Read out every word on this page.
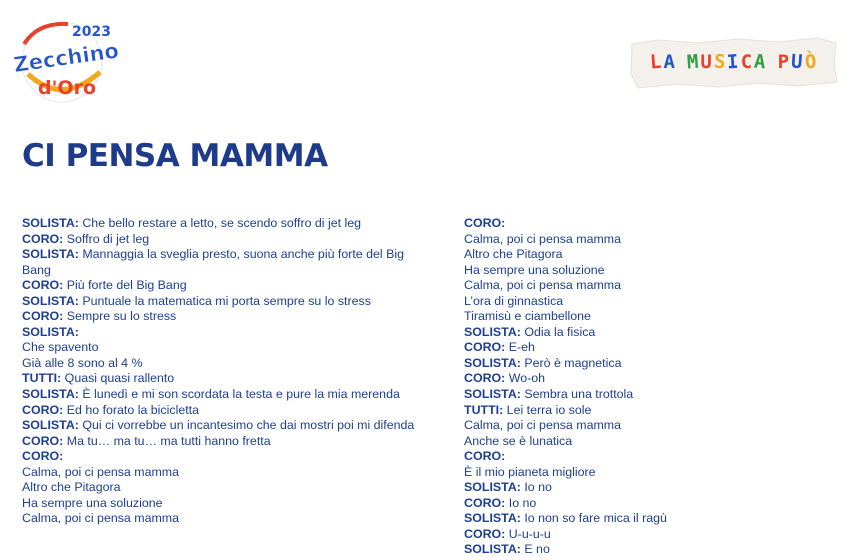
2023
Zecchino
d'Oro
L A M U S
I C A P U
Ò
CI PENSA MAMMA
SOLISTA: Che bello restare a letto, se scendo soffro di jet leg
CORO: Soffro di jet leg
SOLISTA: Mannaggia la sveglia presto, suona anche più forte del Big Bang
CORO: Più forte del Big Bang
SOLISTA: Puntuale la matematica mi porta sempre su lo stress
CORO: Sempre su lo stress
SOLISTA:
Che spavento
Già alle 8 sono al 4 %
TUTTI: Quasi quasi rallento
SOLISTA: È lunedì e mi son scordata la testa e pure la mia merenda
CORO: Ed ho forato la bicicletta
SOLISTA: Qui ci vorrebbe un incantesimo che dai mostri poi mi difenda
CORO: Ma tu… ma tu… ma tutti hanno fretta
CORO:
Calma, poi ci pensa mamma
Altro che Pitagora
Ha sempre una soluzione
Calma, poi ci pensa mamma
CORO:
Calma, poi ci pensa mamma
Altro che Pitagora
Ha sempre una soluzione
Calma, poi ci pensa mamma
L’ora di ginnastica
Tiramisù e ciambellone
SOLISTA: Odia la fisica
CORO: E-eh
SOLISTA: Però è magnetica
CORO: Wo-oh
SOLISTA: Sembra una trottola
TUTTI: Lei terra io sole
Calma, poi ci pensa mamma
Anche se è lunatica
CORO:
È il mio pianeta migliore
SOLISTA: Io no
CORO: Io no
SOLISTA: Io non so fare mica il ragù
CORO: U-u-u-u
SOLISTA: E no
